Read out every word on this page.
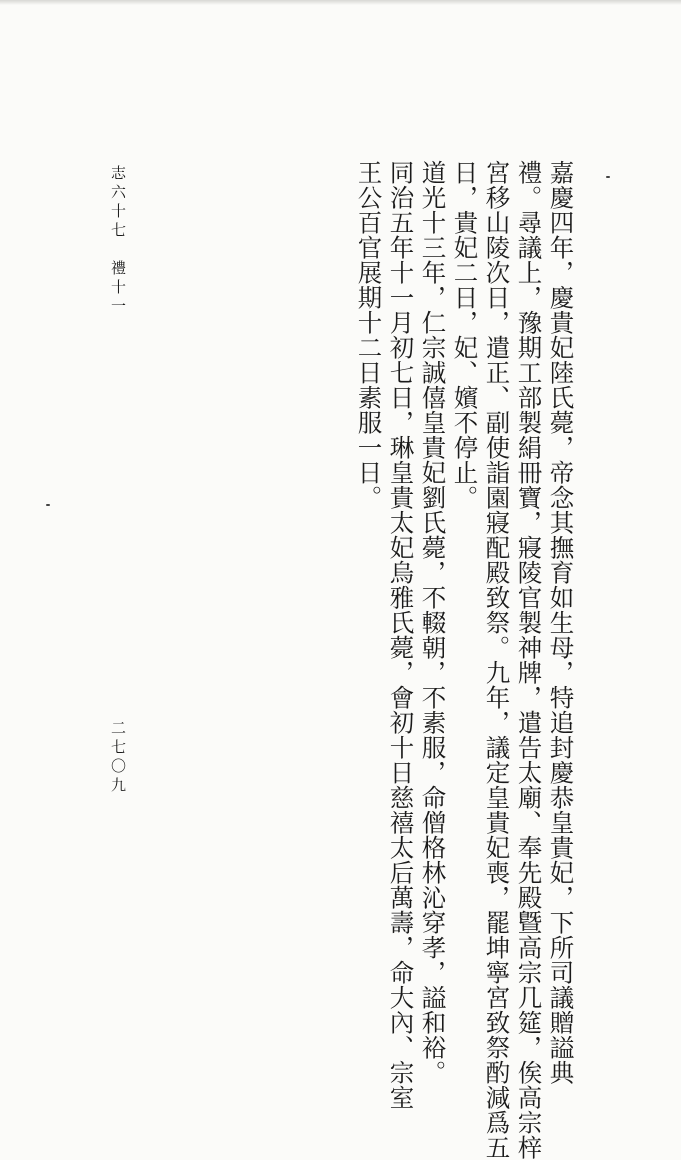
嘉慶四年，慶貴妃陸氏薨，帝念其撫育如生母，特追封慶恭皇貴妃，下所司議贈謚典
禮。尋議上，豫期工部製絹冊寶，寢陵官製神牌，遣告太廟、奉先殿曁高宗几筵，俟高宗梓
宮移山陵次日，遣正、副使詣園寢配殿致祭。九年，議定皇貴妃喪，罷坤寧宮致祭酌減爲五
日，貴妃二日，妃、嬪不停止。
道光十三年，仁宗誠僖皇貴妃劉氏薨，不輟朝，不素服，命僧格林沁穿孝，謚和裕。
同治五年十一月初七日，琳皇貴太妃烏雅氏薨，會初十日慈禧太后萬壽，命大內、宗室
王公百官展期十二日素服一日。
志六十七　禮十一
二七〇九
